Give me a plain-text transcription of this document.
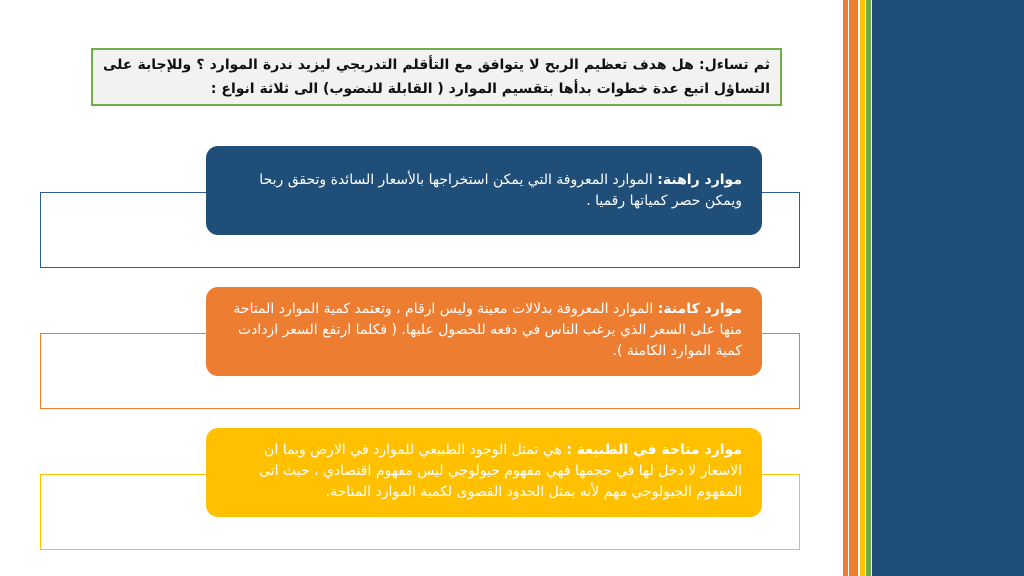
ثم تساءل: هل هدف تعظيم الربح لا يتوافق مع التأقلم التدريجي ليزيد ندرة الموارد ؟ وللإجابة على التساؤل اتبع عدة خطوات بدأها بتقسيم الموارد ( القابلة للنضوب) الى ثلاثة انواع :
موارد راهنة: الموارد المعروفة التي يمكن استخراجها بالأسعار السائدة وتحقق ربحا ويمكن حصر كمياتها رقميا .
موارد كامنة: الموارد المعروفة بدلالات معينة وليس ارقام ، وتعتمد كمية الموارد المتاحة منها على السعر الذي يرغب الناس في دفعه للحصول عليها. ( فكلما ارتفع السعر ازدادت كمية الموارد الكامنة ).
موارد متاحة في الطبيعة : هي تمثل الوجود الطبيعي للموارد في الارض وبما ان الاسعار لا دخل لها في حجمها فهي مفهوم جيولوجي ليس مفهوم اقتصادي ، حيث اتى المفهوم الجيولوجي مهم لأنه يمثل الحدود القصوى لكمية الموارد المتاحة.
